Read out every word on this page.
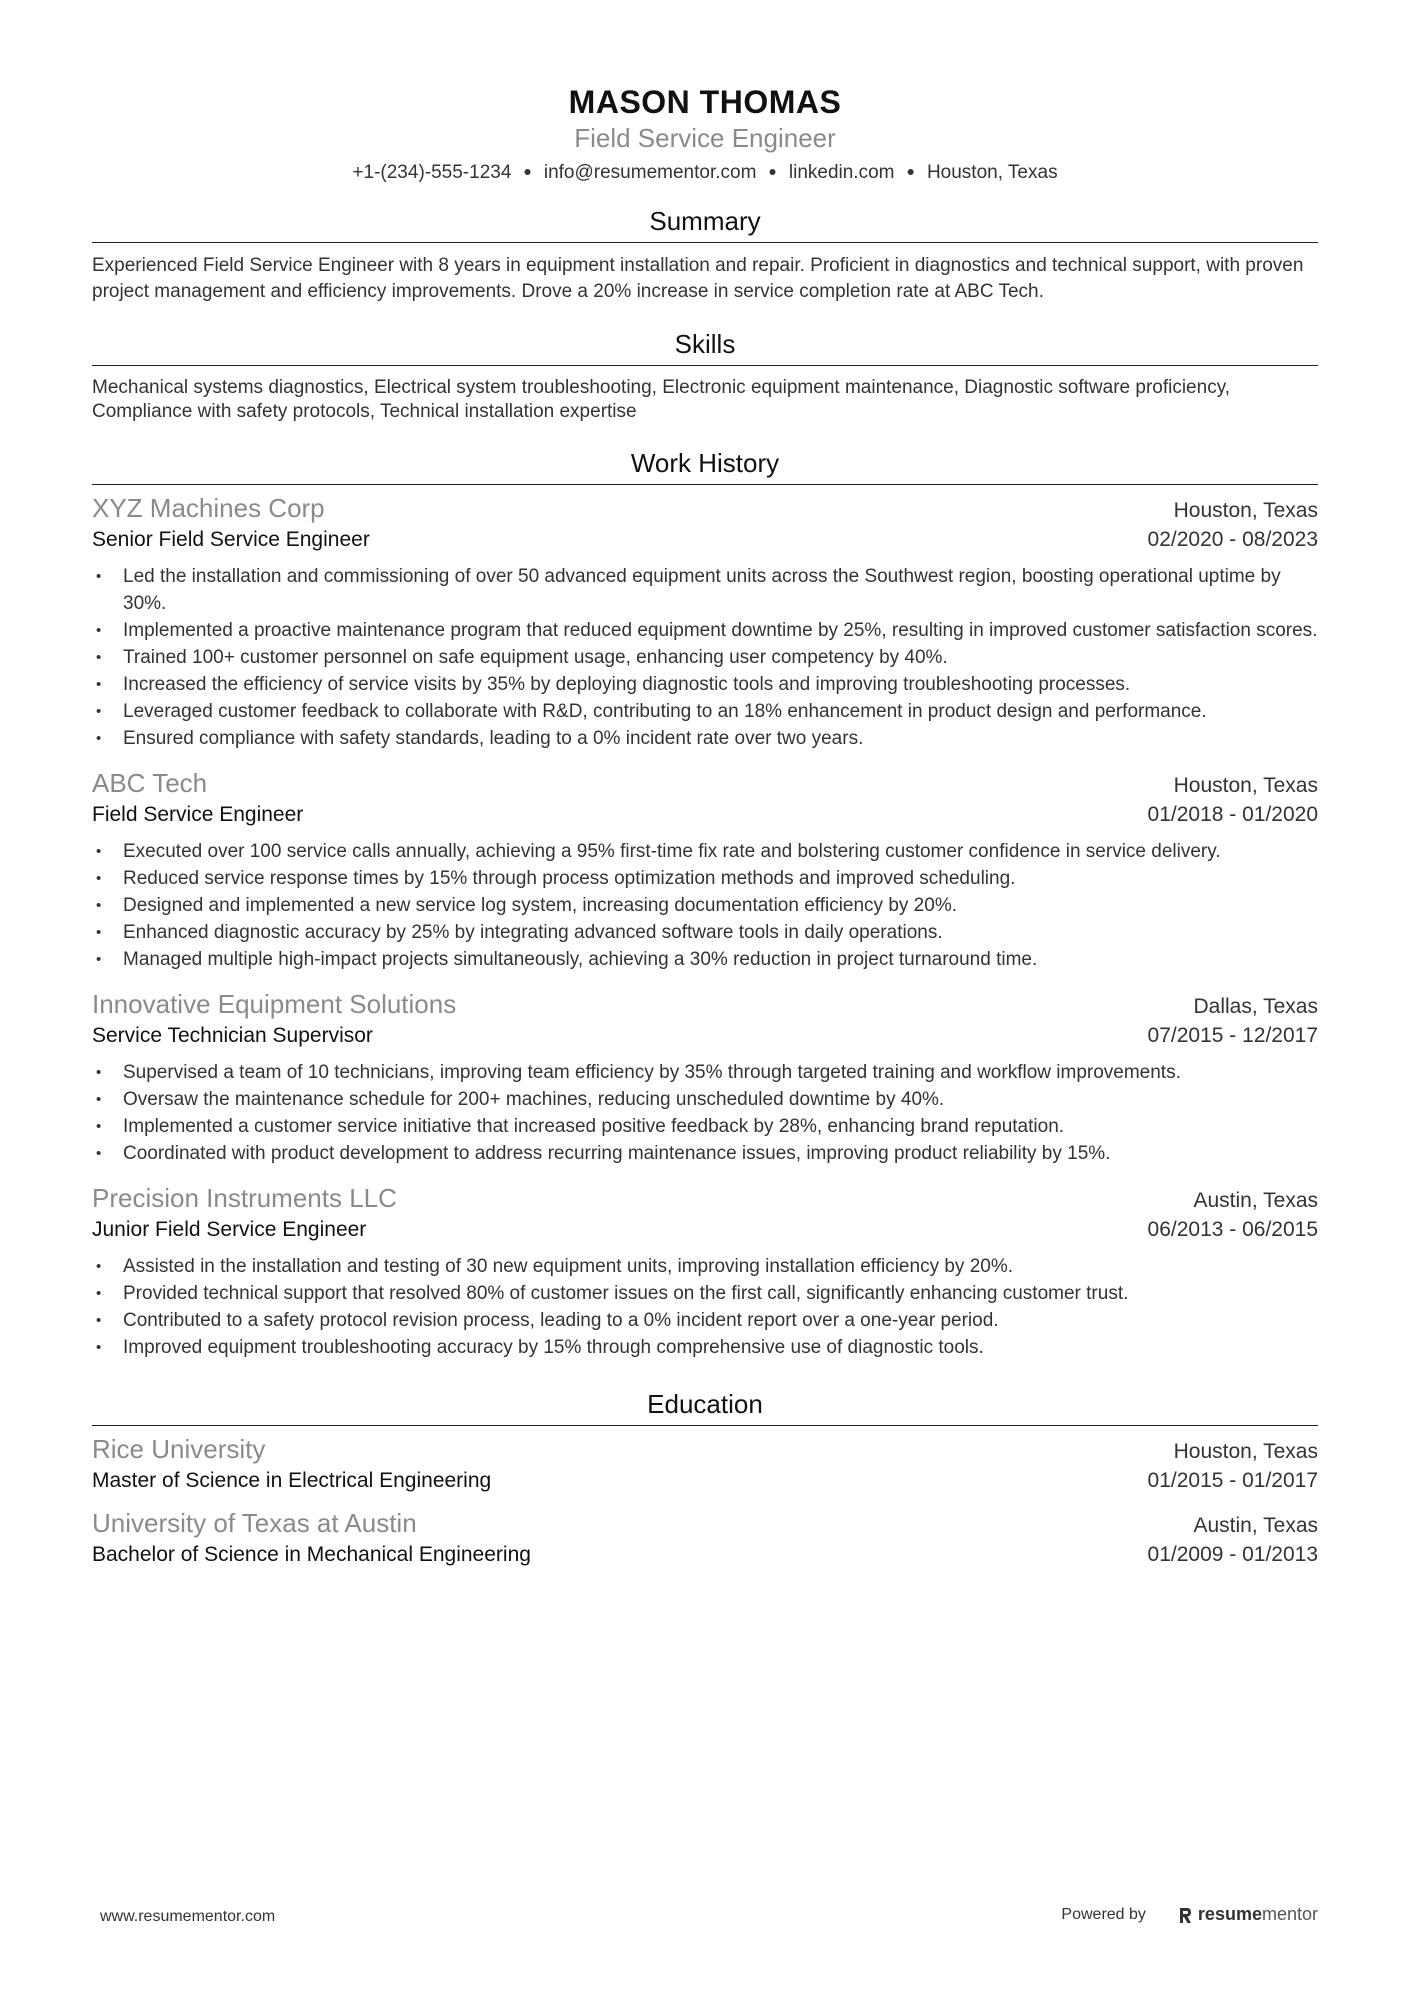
MASON THOMAS
Field Service Engineer
+1-(234)-555-1234 ● info@resumementor.com ● linkedin.com ● Houston, Texas
Summary
Experienced Field Service Engineer with 8 years in equipment installation and repair. Proficient in diagnostics and technical support, with proven project management and efficiency improvements. Drove a 20% increase in service completion rate at ABC Tech.
Skills
Mechanical systems diagnostics, Electrical system troubleshooting, Electronic equipment maintenance, Diagnostic software proficiency, Compliance with safety protocols, Technical installation expertise
Work History
XYZ Machines Corp	Houston, Texas
Senior Field Service Engineer	02/2020 - 08/2023
• Led the installation and commissioning of over 50 advanced equipment units across the Southwest region, boosting operational uptime by 30%.
• Implemented a proactive maintenance program that reduced equipment downtime by 25%, resulting in improved customer satisfaction scores.
• Trained 100+ customer personnel on safe equipment usage, enhancing user competency by 40%.
• Increased the efficiency of service visits by 35% by deploying diagnostic tools and improving troubleshooting processes.
• Leveraged customer feedback to collaborate with R&D, contributing to an 18% enhancement in product design and performance.
• Ensured compliance with safety standards, leading to a 0% incident rate over two years.
ABC Tech	Houston, Texas
Field Service Engineer	01/2018 - 01/2020
• Executed over 100 service calls annually, achieving a 95% first-time fix rate and bolstering customer confidence in service delivery.
• Reduced service response times by 15% through process optimization methods and improved scheduling.
• Designed and implemented a new service log system, increasing documentation efficiency by 20%.
• Enhanced diagnostic accuracy by 25% by integrating advanced software tools in daily operations.
• Managed multiple high-impact projects simultaneously, achieving a 30% reduction in project turnaround time.
Innovative Equipment Solutions	Dallas, Texas
Service Technician Supervisor	07/2015 - 12/2017
• Supervised a team of 10 technicians, improving team efficiency by 35% through targeted training and workflow improvements.
• Oversaw the maintenance schedule for 200+ machines, reducing unscheduled downtime by 40%.
• Implemented a customer service initiative that increased positive feedback by 28%, enhancing brand reputation.
• Coordinated with product development to address recurring maintenance issues, improving product reliability by 15%.
Precision Instruments LLC	Austin, Texas
Junior Field Service Engineer	06/2013 - 06/2015
• Assisted in the installation and testing of 30 new equipment units, improving installation efficiency by 20%.
• Provided technical support that resolved 80% of customer issues on the first call, significantly enhancing customer trust.
• Contributed to a safety protocol revision process, leading to a 0% incident report over a one-year period.
• Improved equipment troubleshooting accuracy by 15% through comprehensive use of diagnostic tools.
Education
Rice University	Houston, Texas
Master of Science in Electrical Engineering	01/2015 - 01/2017
University of Texas at Austin	Austin, Texas
Bachelor of Science in Mechanical Engineering	01/2009 - 01/2013
www.resumementor.com	Powered by	resume mentor
